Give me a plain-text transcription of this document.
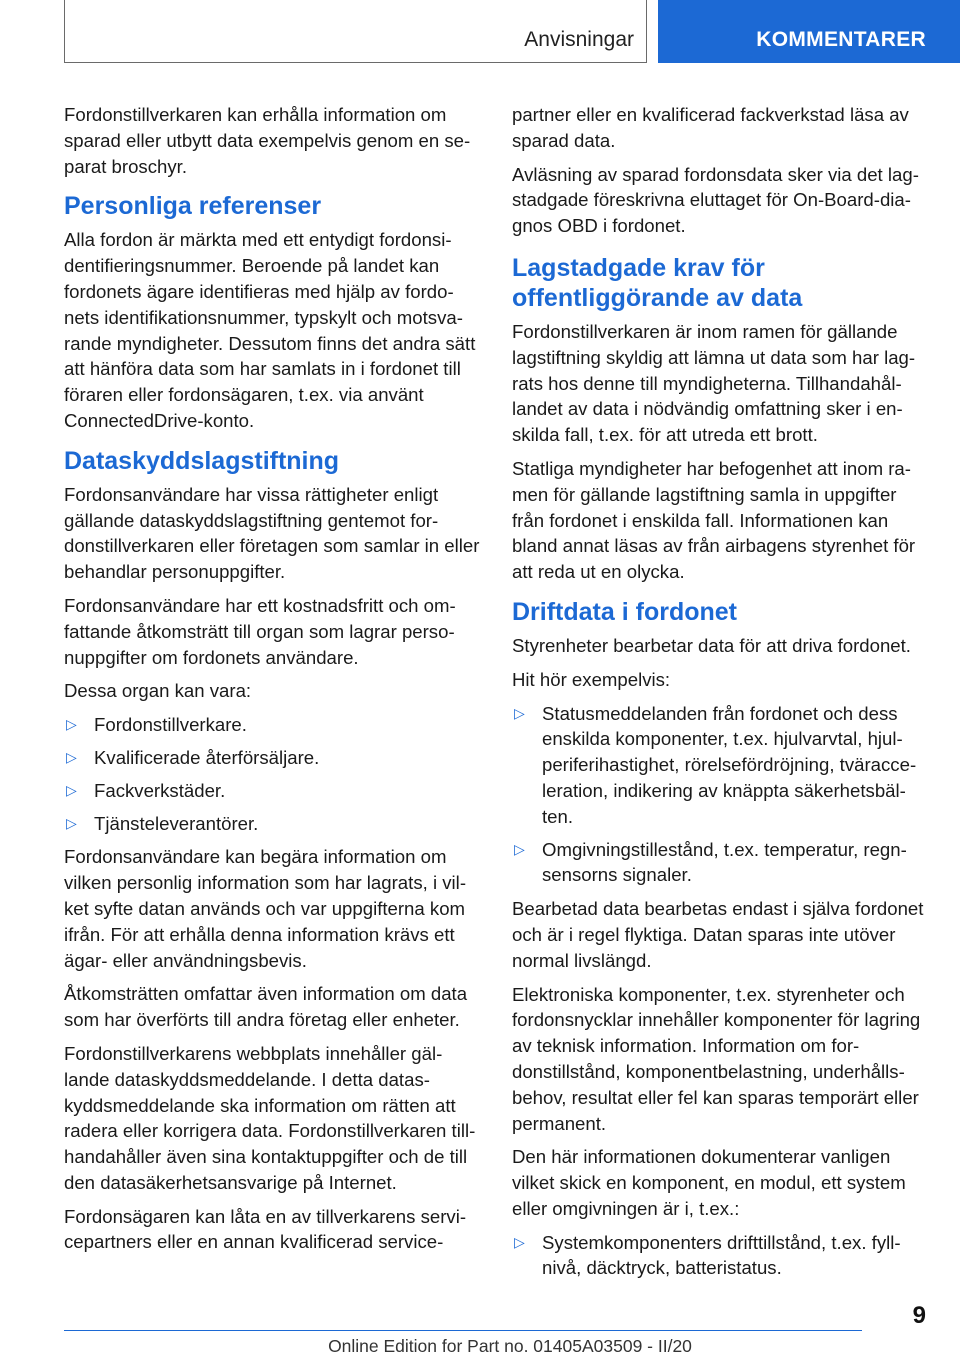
Anvisningar	KOMMENTARER

Fordonstillverkaren kan erhålla information om sparad eller utbytt data exempelvis genom en separat broschyr.

Personliga referenser

Alla fordon är märkta med ett entydigt fordonsidentifieringsnummer. Beroende på landet kan fordonets ägare identifieras med hjälp av fordonets identifikationsnummer, typskylt och motsvarande myndigheter. Dessutom finns det andra sätt att hänföra data som har samlats in i fordonet till föraren eller fordonsägaren, t.ex. via använt ConnectedDrive-konto.

Dataskyddslagstiftning

Fordonsanvändare har vissa rättigheter enligt gällande dataskyddslagstiftning gentemot fordonstillverkaren eller företagen som samlar in eller behandlar personuppgifter.

Fordonsanvändare har ett kostnadsfritt och omfattande åtkomsträtt till organ som lagrar personuppgifter om fordonets användare.

Dessa organ kan vara:

▷ Fordonstillverkare.
▷ Kvalificerade återförsäljare.
▷ Fackverkstäder.
▷ Tjänsteleverantörer.

Fordonsanvändare kan begära information om vilken personlig information som har lagrats, i vilket syfte datan används och var uppgifterna kom ifrån. För att erhålla denna information krävs ett ägar- eller användningsbevis.

Åtkomsträtten omfattar även information om data som har överförts till andra företag eller enheter.

Fordonstillverkarens webbplats innehåller gällande dataskyddsmeddelande. I detta dataskyddsmeddelande ska information om rätten att radera eller korrigera data. Fordonstillverkaren tillhandahåller även sina kontaktuppgifter och de till den datasäkerhetsansvarige på Internet.

Fordonsägaren kan låta en av tillverkarens servicepartners eller en annan kvalificerad service-

partner eller en kvalificerad fackverkstad läsa av sparad data.

Avläsning av sparad fordonsdata sker via det lagstadgade föreskrivna eluttaget för On-Board-diagnos OBD i fordonet.

Lagstadgade krav för offentliggörande av data

Fordonstillverkaren är inom ramen för gällande lagstiftning skyldig att lämna ut data som har lagrats hos denne till myndigheterna. Tillhandahållandet av data i nödvändig omfattning sker i enskilda fall, t.ex. för att utreda ett brott.

Statliga myndigheter har befogenhet att inom ramen för gällande lagstiftning samla in uppgifter från fordonet i enskilda fall. Informationen kan bland annat läsas av från airbagens styrenhet för att reda ut en olycka.

Driftdata i fordonet

Styrenheter bearbetar data för att driva fordonet.

Hit hör exempelvis:

▷ Statusmeddelanden från fordonet och dess enskilda komponenter, t.ex. hjulvarvtal, hjulperiferihastighet, rörelsefördröjning, tväracceleration, indikering av knäppta säkerhetsbälten.
▷ Omgivningstillestånd, t.ex. temperatur, regnsensorns signaler.

Bearbetad data bearbetas endast i själva fordonet och är i regel flyktiga. Datan sparas inte utöver normal livslängd.

Elektroniska komponenter, t.ex. styrenheter och fordonsnycklar innehåller komponenter för lagring av teknisk information. Information om fordonstillstånd, komponentbelastning, underhållsbehov, resultat eller fel kan sparas temporärt eller permanent.

Den här informationen dokumenterar vanligen vilket skick en komponent, en modul, ett system eller omgivningen är i, t.ex.:

▷ Systemkomponenters drifttillstånd, t.ex. fyllnivå, däcktryck, batteristatus.
9
Online Edition for Part no. 01405A03509 - II/20
